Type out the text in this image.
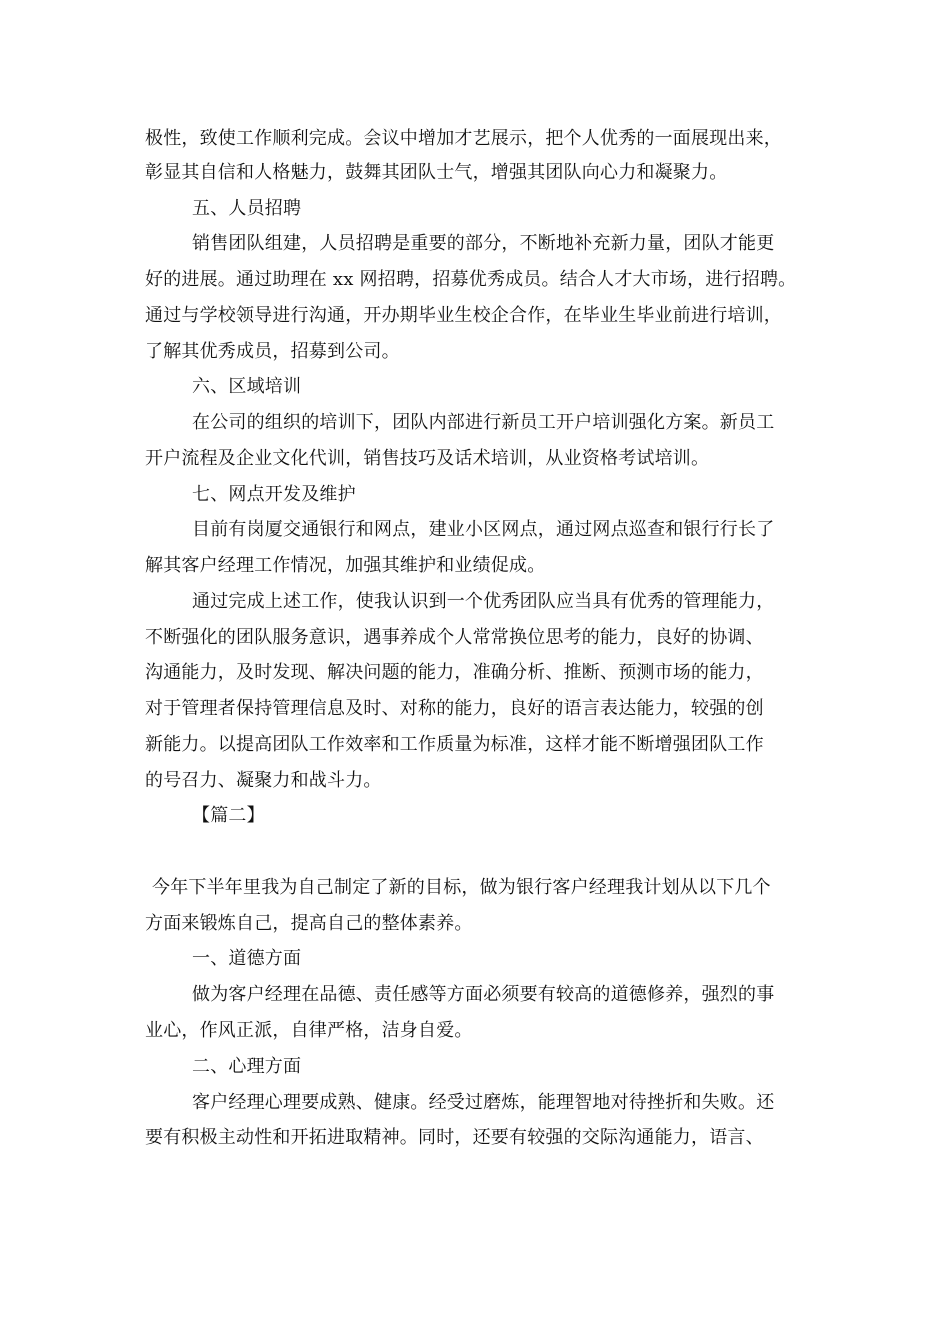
极性，致使工作顺利完成。会议中增加才艺展示，把个人优秀的一面展现出来，
彰显其自信和人格魅力，鼓舞其团队士气，增强其团队向心力和凝聚力。
五、人员招聘
销售团队组建，人员招聘是重要的部分，不断地补充新力量，团队才能更
好的进展。通过助理在 xx 网招聘，招募优秀成员。结合人才大市场，进行招聘。
通过与学校领导进行沟通，开办期毕业生校企合作，在毕业生毕业前进行培训，
了解其优秀成员，招募到公司。
六、区域培训
在公司的组织的培训下，团队内部进行新员工开户培训强化方案。新员工
开户流程及企业文化代训，销售技巧及话术培训，从业资格考试培训。
七、网点开发及维护
目前有岗厦交通银行和网点，建业小区网点，通过网点巡查和银行行长了
解其客户经理工作情况，加强其维护和业绩促成。
通过完成上述工作，使我认识到一个优秀团队应当具有优秀的管理能力，
不断强化的团队服务意识，遇事养成个人常常换位思考的能力，良好的协调、
沟通能力，及时发现、解决问题的能力，准确分析、推断、预测市场的能力，
对于管理者保持管理信息及时、对称的能力，良好的语言表达能力，较强的创
新能力。以提高团队工作效率和工作质量为标准，这样才能不断增强团队工作
的号召力、凝聚力和战斗力。
【篇二】
今年下半年里我为自己制定了新的目标，做为银行客户经理我计划从以下几个
方面来锻炼自己，提高自己的整体素养。
一、道德方面
做为客户经理在品德、责任感等方面必须要有较高的道德修养，强烈的事
业心，作风正派，自律严格，洁身自爱。
二、心理方面
客户经理心理要成熟、健康。经受过磨炼，能理智地对待挫折和失败。还
要有积极主动性和开拓进取精神。同时，还要有较强的交际沟通能力，语言、
